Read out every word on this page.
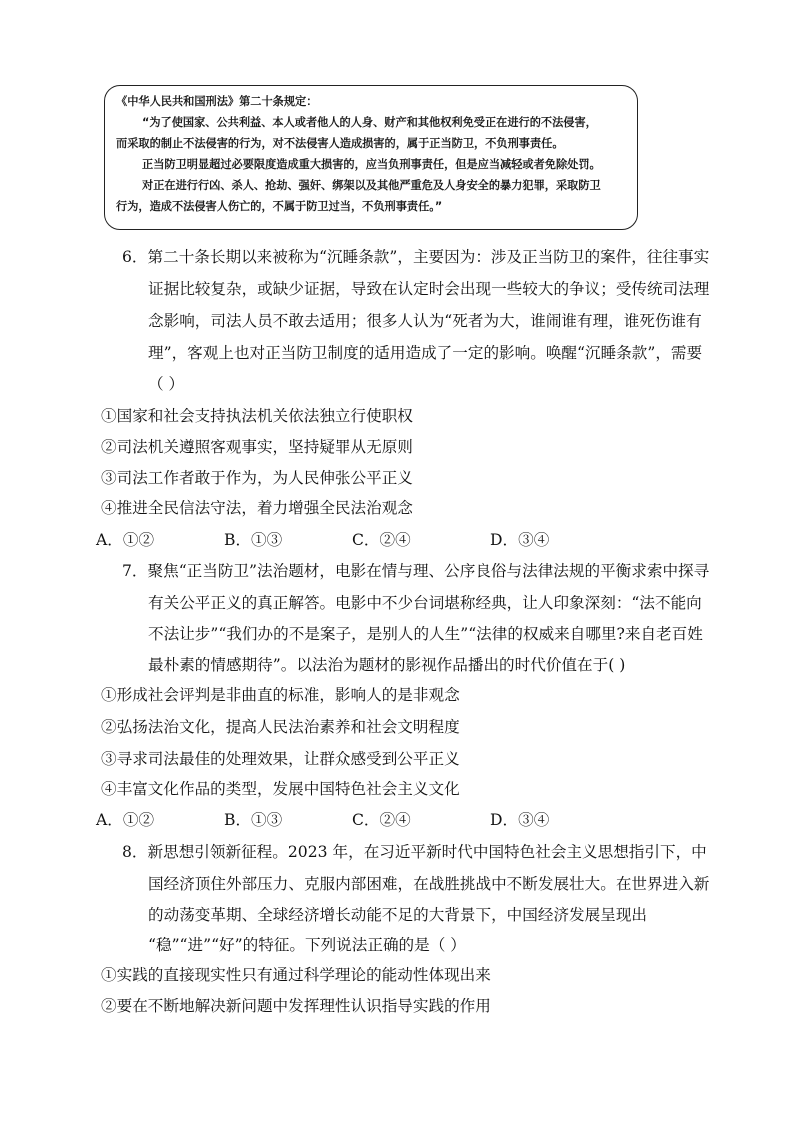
《中华人民共和国刑法》第二十条规定：
“为了使国家、公共利益、本人或者他人的人身、财产和其他权利免受正在进行的不法侵害，
而采取的制止不法侵害的行为，对不法侵害人造成损害的，属于正当防卫，不负刑事责任。
正当防卫明显超过必要限度造成重大损害的，应当负刑事责任，但是应当减轻或者免除处罚。
对正在进行行凶、杀人、抢劫、强奸、绑架以及其他严重危及人身安全的暴力犯罪，采取防卫
行为，造成不法侵害人伤亡的，不属于防卫过当，不负刑事责任。”
6．第二十条长期以来被称为“沉睡条款”，主要因为：涉及正当防卫的案件，往往事实
证据比较复杂，或缺少证据，导致在认定时会出现一些较大的争议；受传统司法理
念影响，司法人员不敢去适用；很多人认为“死者为大，谁闹谁有理，谁死伤谁有
理”，客观上也对正当防卫制度的适用造成了一定的影响。唤醒“沉睡条款”，需要
（ ）
①国家和社会支持执法机关依法独立行使职权
②司法机关遵照客观事实，坚持疑罪从无原则
③司法工作者敢于作为，为人民伸张公平正义
④推进全民信法守法，着力增强全民法治观念
A．①②	B．①③	C．②④	D．③④
7．聚焦“正当防卫”法治题材，电影在情与理、公序良俗与法律法规的平衡求索中探寻
有关公平正义的真正解答。电影中不少台词堪称经典，让人印象深刻：“法不能向
不法让步”“我们办的不是案子，是别人的人生”“法律的权威来自哪里?来自老百姓
最朴素的情感期待”。以法治为题材的影视作品播出的时代价值在于( )
①形成社会评判是非曲直的标准，影响人的是非观念
②弘扬法治文化，提高人民法治素养和社会文明程度
③寻求司法最佳的处理效果，让群众感受到公平正义
④丰富文化作品的类型，发展中国特色社会主义文化
A．①②	B．①③	C．②④	D．③④
8．新思想引领新征程。2023 年，在习近平新时代中国特色社会主义思想指引下，中
国经济顶住外部压力、克服内部困难，在战胜挑战中不断发展壮大。在世界进入新
的动荡变革期、全球经济增长动能不足的大背景下，中国经济发展呈现出
“稳”“进”“好”的特征。下列说法正确的是（ ）
①实践的直接现实性只有通过科学理论的能动性体现出来
②要在不断地解决新问题中发挥理性认识指导实践的作用
